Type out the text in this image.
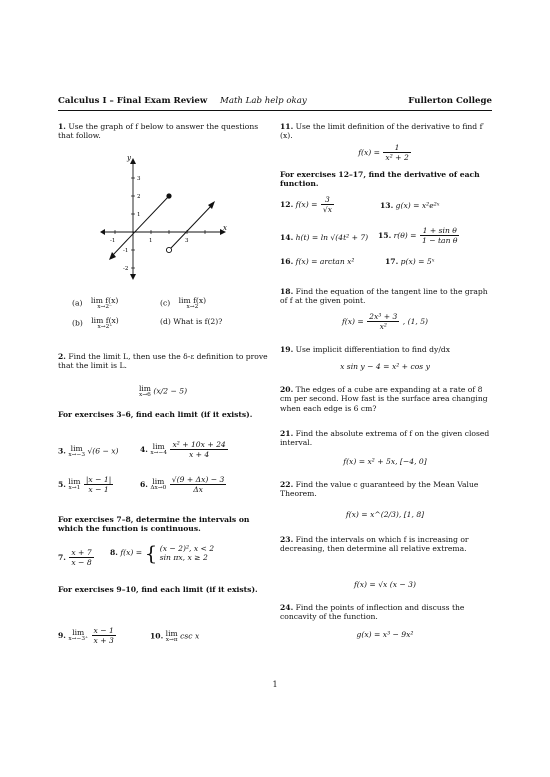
Calculus I – Final Exam Review Math Lab help okay	Fullerton College
1. Use the graph of f below to answer the questions that follow.
x
y
-1	1	3
3
2
1
-1
-2
(a) lim f(x)
x→2⁻	(c) lim f(x)
x→2
(b) lim f(x)
x→2⁺
(d) What is f(2)?
2. Find the limit L, then use the δ-ε definition to prove that the limit is L.
lim
x→6 (x/2 − 5)
For exercises 3–6, find each limit (if it exists).
3. lim
x→−3 √(6 − x)	4. lim
x→−4
$\frac{\text{x² + 10x + 24}}{x + 4}$
5. lim
x→1
$\frac{|x - 1|}{x - 1}$	6. lim
Δx→0
$\frac{√(9 + \Delta x) - 3}{\Delta x}$
For exercises 7–8, determine the intervals on which the function is continuous.
7. $\frac{x + 7}{x - 8} 8$. f(x) = { (x − 2)², x < 2
sin πx, x ≥ 2
For exercises 9–10, find each limit (if it exists).
9. lim
x→−3⁺
$\frac{x - 1}{x + 3}$	10. lim
x→π csc x
11. Use the limit definition of the derivative to find f′(x).
$f(x) = \frac{1}{\text{x² + 2}}$
For exercises 12–17, find the derivative of each function.
12. $f(x) = \frac{3}{√x}$	13. g(x) = x²e²ˣ
14. h(t) = ln √(4t² + 7)	15. $r(\theta) = \frac{\text{1 + sin θ}}{\text{1 − tan θ}}$
16. f(x) = arctan x²	17. p(x) = 5ˣ
18. Find the equation of the tangent line to the graph of f at the given point.
$f(x) = \frac{\text{2x³ + 3}}{\text{x²}}$ , (1, 5)
19. Use implicit differentiation to find dy/dx
x sin y − 4 = x² + cos y
20. The edges of a cube are expanding at a rate of 8 cm per second. How fast is the surface area changing when each edge is 6 cm?
21. Find the absolute extrema of f on the given closed interval.
f(x) = x² + 5x, [−4, 0]
22. Find the value c guaranteed by the Mean Value Theorem.
f(x) = x^(2/3), [1, 8]
23. Find the intervals on which f is increasing or decreasing, then determine all relative extrema.
f(x) = √x (x − 3)
24. Find the points of inflection and discuss the concavity of the function.
g(x) = x³ − 9x²
1
